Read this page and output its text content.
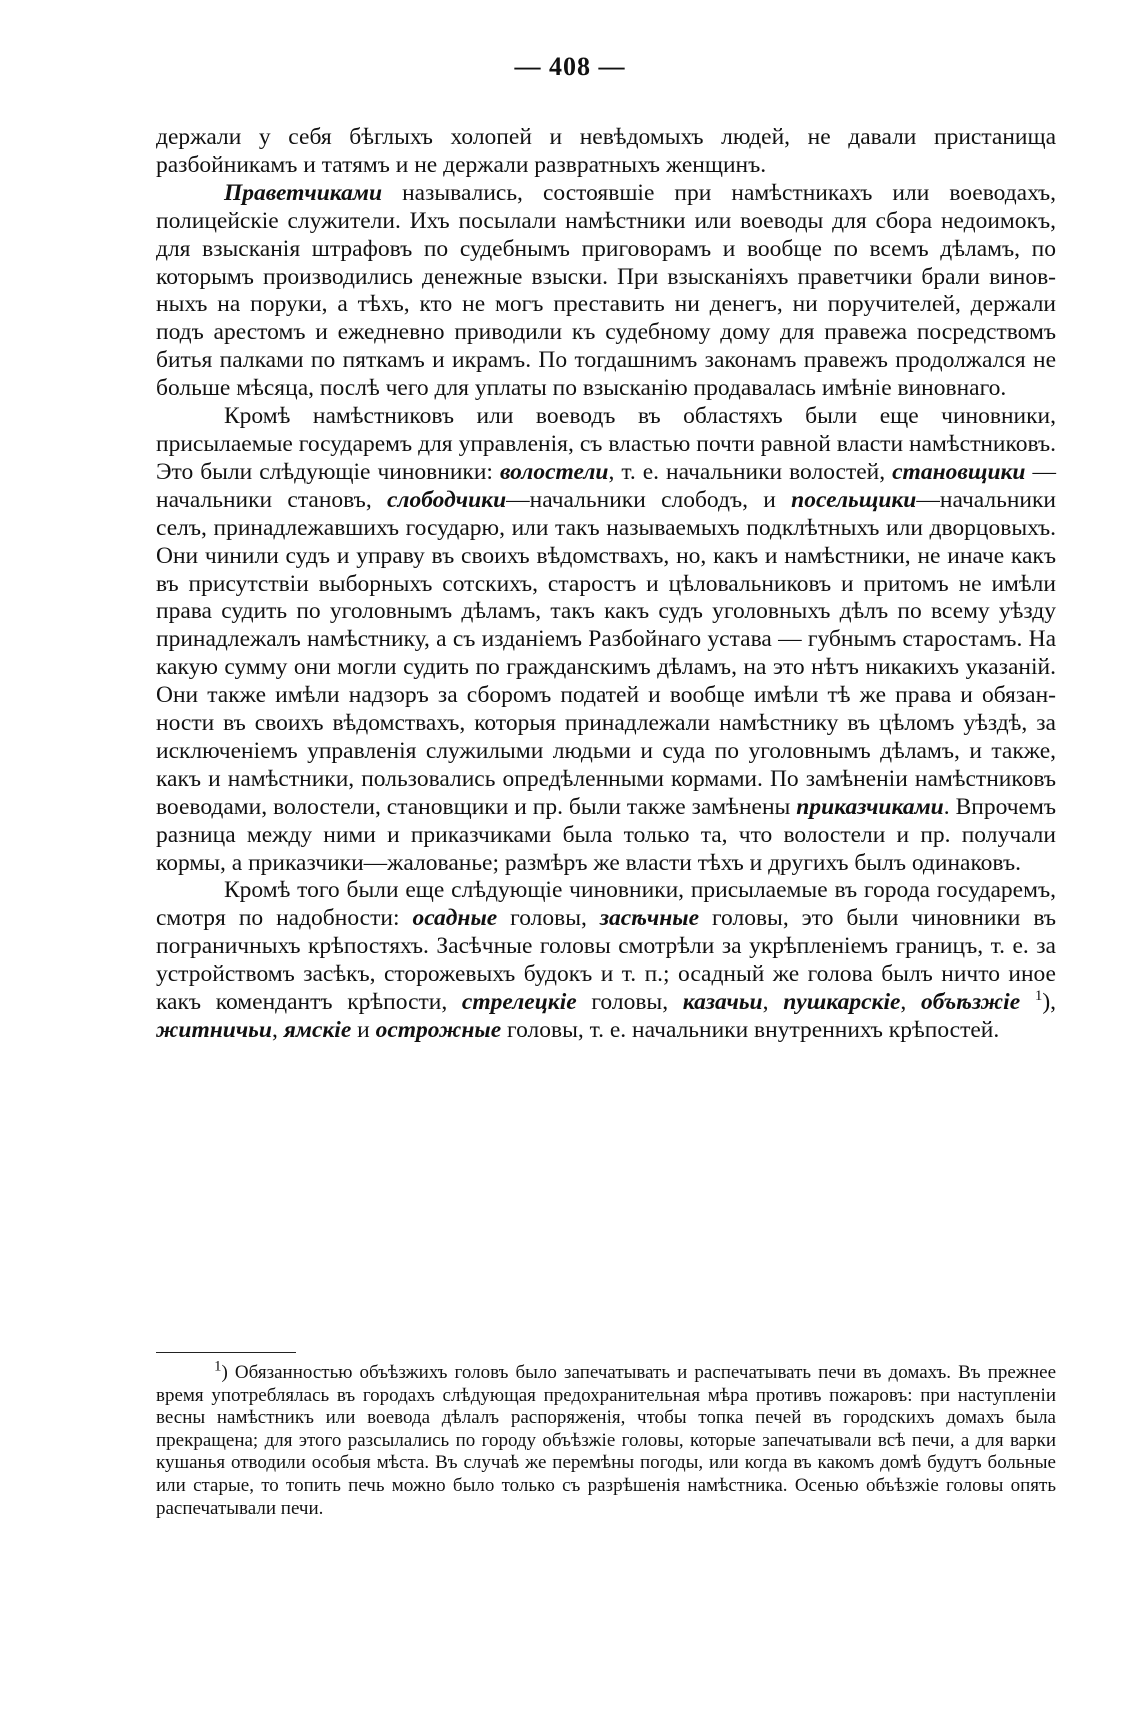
— 408 —

держали у себя бѣглыхъ холопей и невѣдомыхъ людей, не давали пристанища разбойникамъ и татямъ и не держали развратныхъ женщинъ.

Праветчиками назывались, состоявшіе при намѣстникахъ или воеводахъ, полицейскіе служители. Ихъ посылали намѣстники или воеводы для сбора недоимокъ, для взысканія штрафовъ по судебнымъ приговорамъ и вообще по всемъ дѣламъ, по которымъ производились денежные взыски. При взысканіяхъ праветчики брали виновныхъ на поруки, а тѣхъ, кто не могъ преставить ни денегъ, ни поручителей, держали подъ арестомъ и ежедневно приводили къ судебному дому для правежа посредствомъ битья палками по пяткамъ и икрамъ. По тогдашнимъ законамъ правежъ продолжался не больше мѣсяца, послѣ чего для уплаты по взысканію продавалась имѣніе виновнаго.

Кромѣ намѣстниковъ или воеводъ въ областяхъ были еще чиновники, присылаемые государемъ для управленія, съ властью почти равной власти намѣстниковъ. Это были слѣдующіе чиновники: волостели, т. е. начальники волостей, становщики — начальники становъ, слободчики—начальники слободъ, и посельщики—начальники селъ, принадлежавшихъ государю, или такъ называемыхъ подклѣтныхъ или дворцовыхъ. Они чинили судъ и управу въ своихъ вѣдомствахъ, но, какъ и намѣстники, не иначе какъ въ присутствіи выборныхъ сотскихъ, старостъ и цѣловальниковъ и притомъ не имѣли права судить по уголовнымъ дѣламъ, такъ какъ судъ уголовныхъ дѣлъ по всему уѣзду принадлежалъ намѣстнику, а съ изданіемъ Разбойнаго устава — губнымъ старостамъ. На какую сумму они могли судить по гражданскимъ дѣламъ, на это нѣтъ никакихъ указаній. Они также имѣли надзоръ за сборомъ податей и вообще имѣли тѣ же права и обязанности въ своихъ вѣдомствахъ, которыя принадлежали намѣстнику въ цѣломъ уѣздѣ, за исключеніемъ управленія служилыми людьми и суда по уголовнымъ дѣламъ, и также, какъ и намѣстники, пользовались опредѣленными кормами. По замѣненіи намѣстниковъ воеводами, волостели, становщики и пр. были также замѣнены приказчиками. Впрочемъ разница между ними и приказчиками была только та, что волостели и пр. получали кормы, а приказчики—жалованье; размѣръ же власти тѣхъ и другихъ былъ одинаковъ.

Кромѣ того были еще слѣдующіе чиновники, присылаемые въ города государемъ, смотря по надобности: осадные головы, засѣчные головы, это были чиновники въ пограничныхъ крѣпостяхъ. Засѣчные головы смотрѣли за укрѣпленіемъ границъ, т. е. за устройствомъ засѣкъ, сторожевыхъ будокъ и т. п.; осадный же голова былъ ничто иное какъ комендантъ крѣпости, стрелецкіе головы, казачьи, пушкарскіе, объѣзжіе $^1$), житничьи, ямскіе и острожные головы, т. е. начальники внутреннихъ крѣпостей.

$^1$) Обязанностью объѣзжихъ головъ было запечатывать и распечатывать печи въ домахъ. Въ прежнее время употреблялась въ городахъ слѣдующая предохранительная мѣра противъ пожаровъ: при наступленіи весны намѣстникъ или воевода дѣлалъ распоряженія, чтобы топка печей въ городскихъ домахъ была прекращена; для этого разсылались по городу объѣзжіе головы, которые запечатывали всѣ печи, а для варки кушанья отводили особыя мѣста. Въ случаѣ же перемѣны погоды, или когда въ какомъ домѣ будутъ больные или старые, то топить печь можно было только съ разрѣшенія намѣстника. Осенью объѣзжіе головы опять распечатывали печи.
